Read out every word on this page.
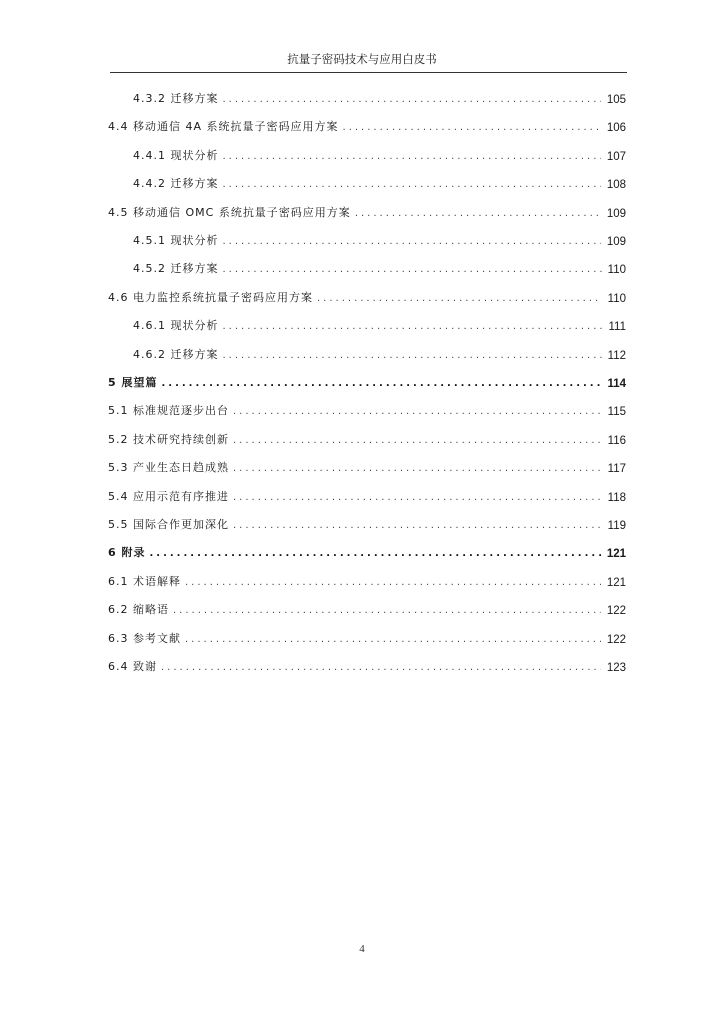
抗量子密码技术与应用白皮书
4.3.2 迁移方案 .....	105
4.4 移动通信 4A 系统抗量子密码应用方案 .....	106
4.4.1 现状分析 .....	107
4.4.2 迁移方案 .....	108
4.5 移动通信 OMC 系统抗量子密码应用方案 .....	109
4.5.1 现状分析 .....	109
4.5.2 迁移方案 .....	110
4.6 电力监控系统抗量子密码应用方案 .....	110
4.6.1 现状分析 .....	111
4.6.2 迁移方案 .....	112
5 展望篇 .....	114
5.1 标准规范逐步出台 .....	115
5.2 技术研究持续创新 .....	116
5.3 产业生态日趋成熟 .....	117
5.4 应用示范有序推进 .....	118
5.5 国际合作更加深化 .....	119
6 附录 .....	121
6.1 术语解释 .....	121
6.2 缩略语 .....	122
6.3 参考文献 .....	122
6.4 致谢 .....	123
4
